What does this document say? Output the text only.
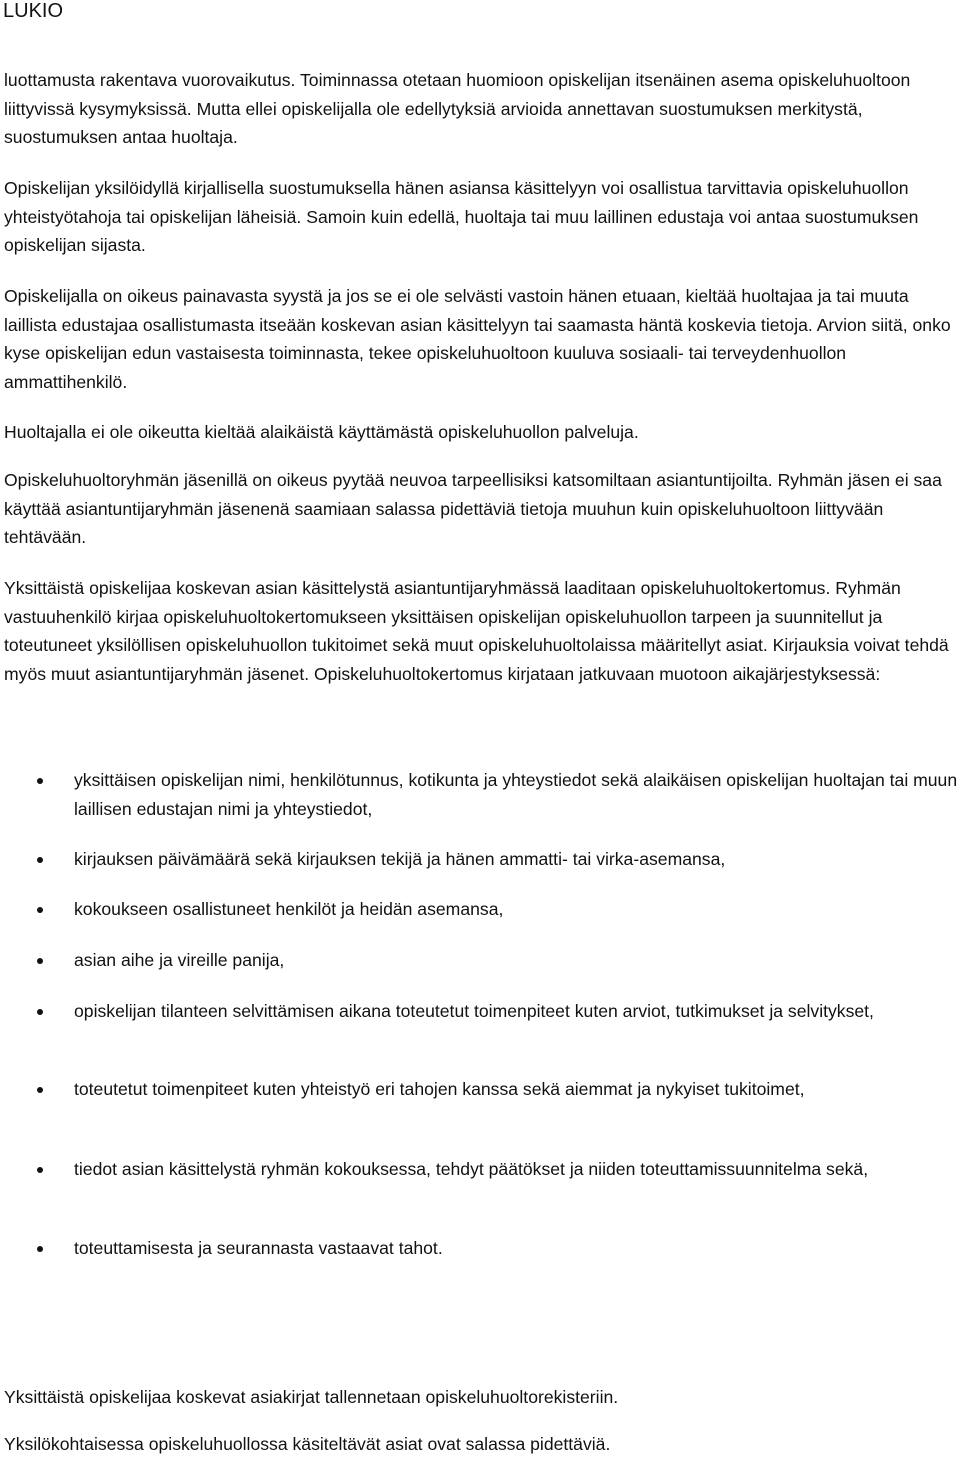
LUKIO

luottamusta rakentava vuorovaikutus. Toiminnassa otetaan huomioon opiskelijan itsenäinen asema opiskeluhuoltoon liittyvissä kysymyksissä. Mutta ellei opiskelijalla ole edellytyksiä arvioida annettavan suostumuksen merkitystä, suostumuksen antaa huoltaja.

Opiskelijan yksilöidyllä kirjallisella suostumuksella hänen asiansa käsittelyyn voi osallistua tarvittavia opiskeluhuollon yhteistyötahoja tai opiskelijan läheisiä. Samoin kuin edellä, huoltaja tai muu laillinen edustaja voi antaa suostumuksen opiskelijan sijasta.

Opiskelijalla on oikeus painavasta syystä ja jos se ei ole selvästi vastoin hänen etuaan, kieltää huoltajaa ja tai muuta laillista edustajaa osallistumasta itseään koskevan asian käsittelyyn tai saamasta häntä koskevia tietoja. Arvion siitä, onko kyse opiskelijan edun vastaisesta toiminnasta, tekee opiskeluhuoltoon kuuluva sosiaali- tai terveydenhuollon ammattihenkilö.

Huoltajalla ei ole oikeutta kieltää alaikäistä käyttämästä opiskeluhuollon palveluja.

Opiskeluhuoltoryhmän jäsenillä on oikeus pyytää neuvoa tarpeellisiksi katsomiltaan asiantuntijoilta. Ryhmän jäsen ei saa käyttää asiantuntijaryhmän jäsenenä saamiaan salassa pidettäviä tietoja muuhun kuin opiskeluhuoltoon liittyvään tehtävään.

Yksittäistä opiskelijaa koskevan asian käsittelystä asiantuntijaryhmässä laaditaan opiskeluhuoltokertomus. Ryhmän vastuuhenkilö kirjaa opiskeluhuoltokertomukseen yksittäisen opiskelijan opiskeluhuollon tarpeen ja suunnitellut ja toteutuneet yksilöllisen opiskeluhuollon tukitoimet sekä muut opiskeluhuoltolaissa määritellyt asiat. Kirjauksia voivat tehdä myös muut asiantuntijaryhmän jäsenet. Opiskeluhuoltokertomus kirjataan jatkuvaan muotoon aikajärjestyksessä:

yksittäisen opiskelijan nimi, henkilötunnus, kotikunta ja yhteystiedot sekä alaikäisen opiskelijan huoltajan tai muun laillisen edustajan nimi ja yhteystiedot,
kirjauksen päivämäärä sekä kirjauksen tekijä ja hänen ammatti- tai virka-asemansa,
kokoukseen osallistuneet henkilöt ja heidän asemansa,
asian aihe ja vireille panija,
opiskelijan tilanteen selvittämisen aikana toteutetut toimenpiteet kuten arviot, tutkimukset ja selvitykset,
toteutetut toimenpiteet kuten yhteistyö eri tahojen kanssa sekä aiemmat ja nykyiset tukitoimet,
tiedot asian käsittelystä ryhmän kokouksessa, tehdyt päätökset ja niiden toteuttamissuunnitelma sekä,
toteuttamisesta ja seurannasta vastaavat tahot.

Yksittäistä opiskelijaa koskevat asiakirjat tallennetaan opiskeluhuoltorekisteriin.

Yksilökohtaisessa opiskeluhuollossa käsiteltävät asiat ovat salassa pidettäviä.
